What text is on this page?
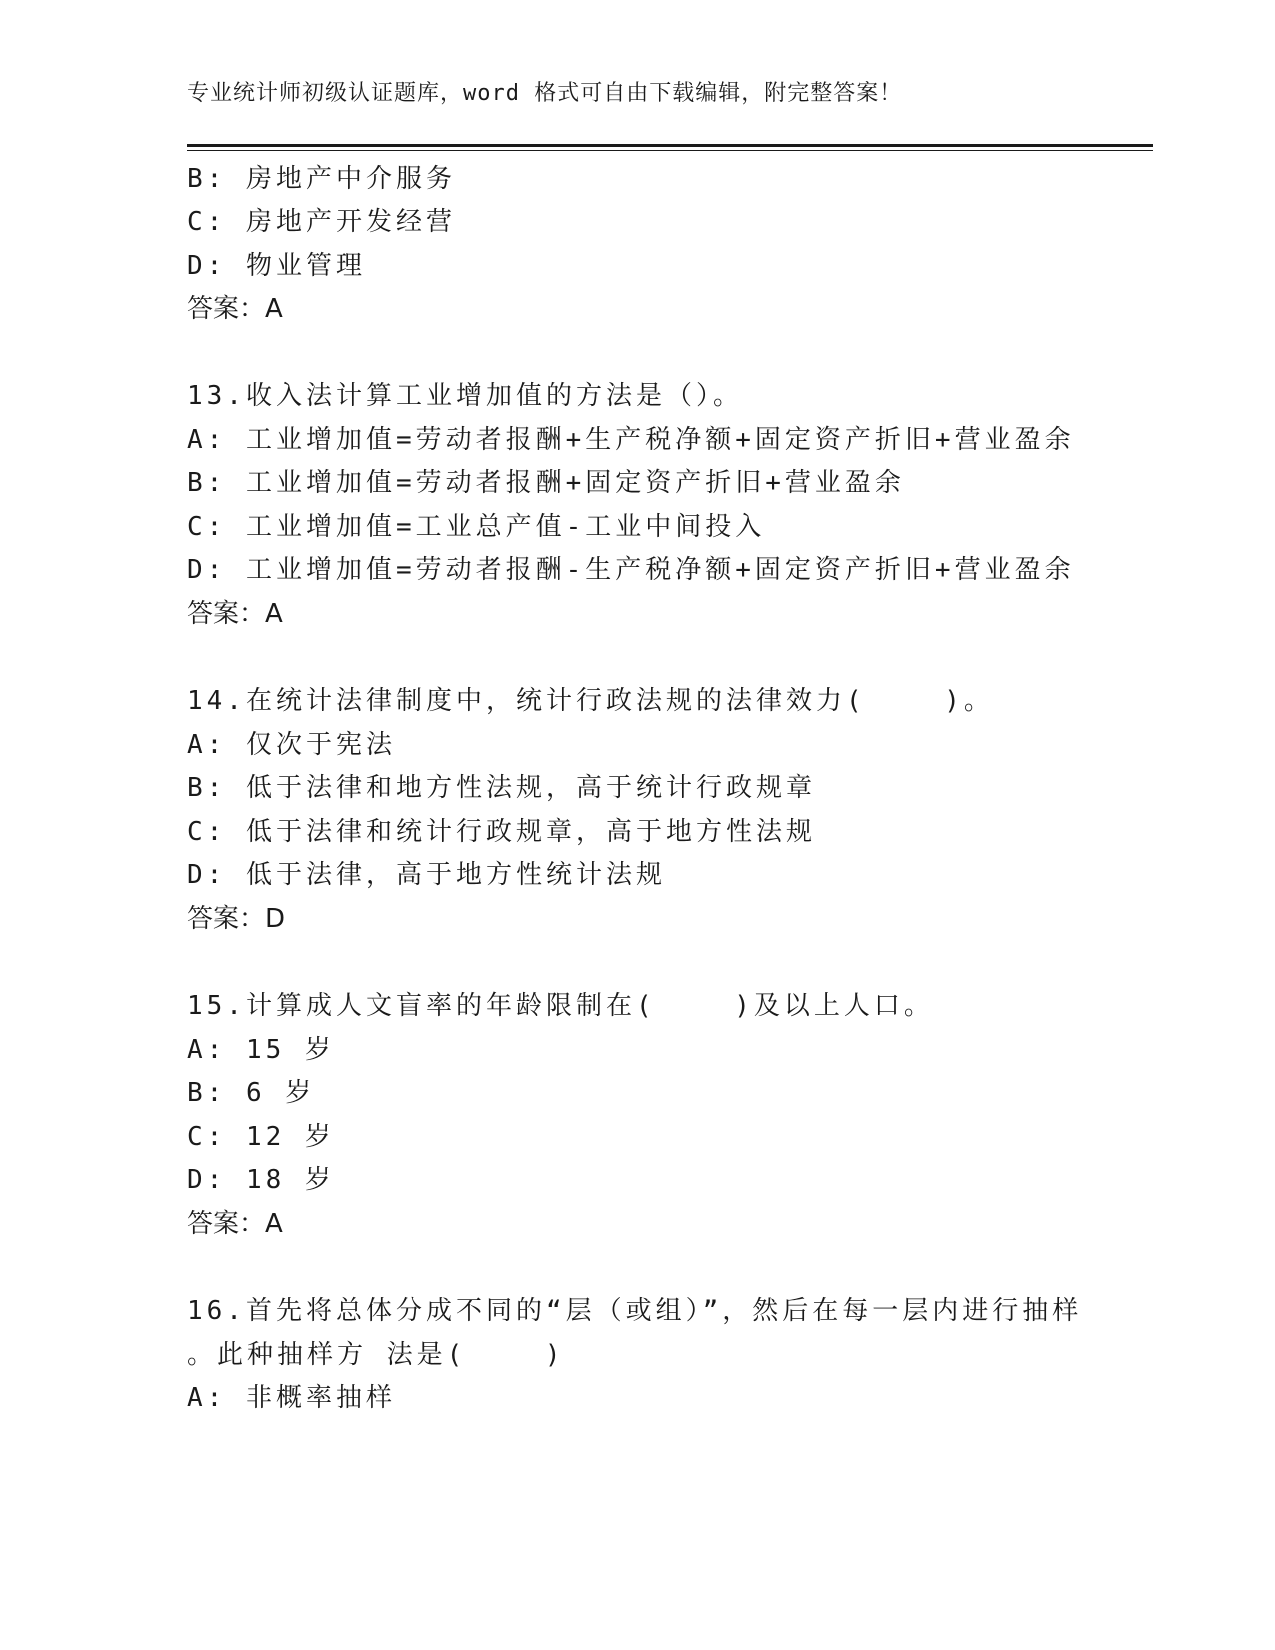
专业统计师初级认证题库，word 格式可自由下载编辑，附完整答案！
B: 房地产中介服务
C: 房地产开发经营
D: 物业管理
答案：A
13.收入法计算工业增加值的方法是（）。
A: 工业增加值=劳动者报酬+生产税净额+固定资产折旧+营业盈余
B: 工业增加值=劳动者报酬+固定资产折旧+营业盈余
C: 工业增加值=工业总产值-工业中间投入
D: 工业增加值=劳动者报酬-生产税净额+固定资产折旧+营业盈余
答案：A
14.在统计法律制度中，统计行政法规的法律效力(    )。
A: 仅次于宪法
B: 低于法律和地方性法规，高于统计行政规章
C: 低于法律和统计行政规章，高于地方性法规
D: 低于法律，高于地方性统计法规
答案：D
15.计算成人文盲率的年龄限制在(    )及以上人口。
A: 15 岁
B: 6 岁
C: 12 岁
D: 18 岁
答案：A
16.首先将总体分成不同的“层（或组）”，然后在每一层内进行抽样
。此种抽样方 法是(    )
A: 非概率抽样
